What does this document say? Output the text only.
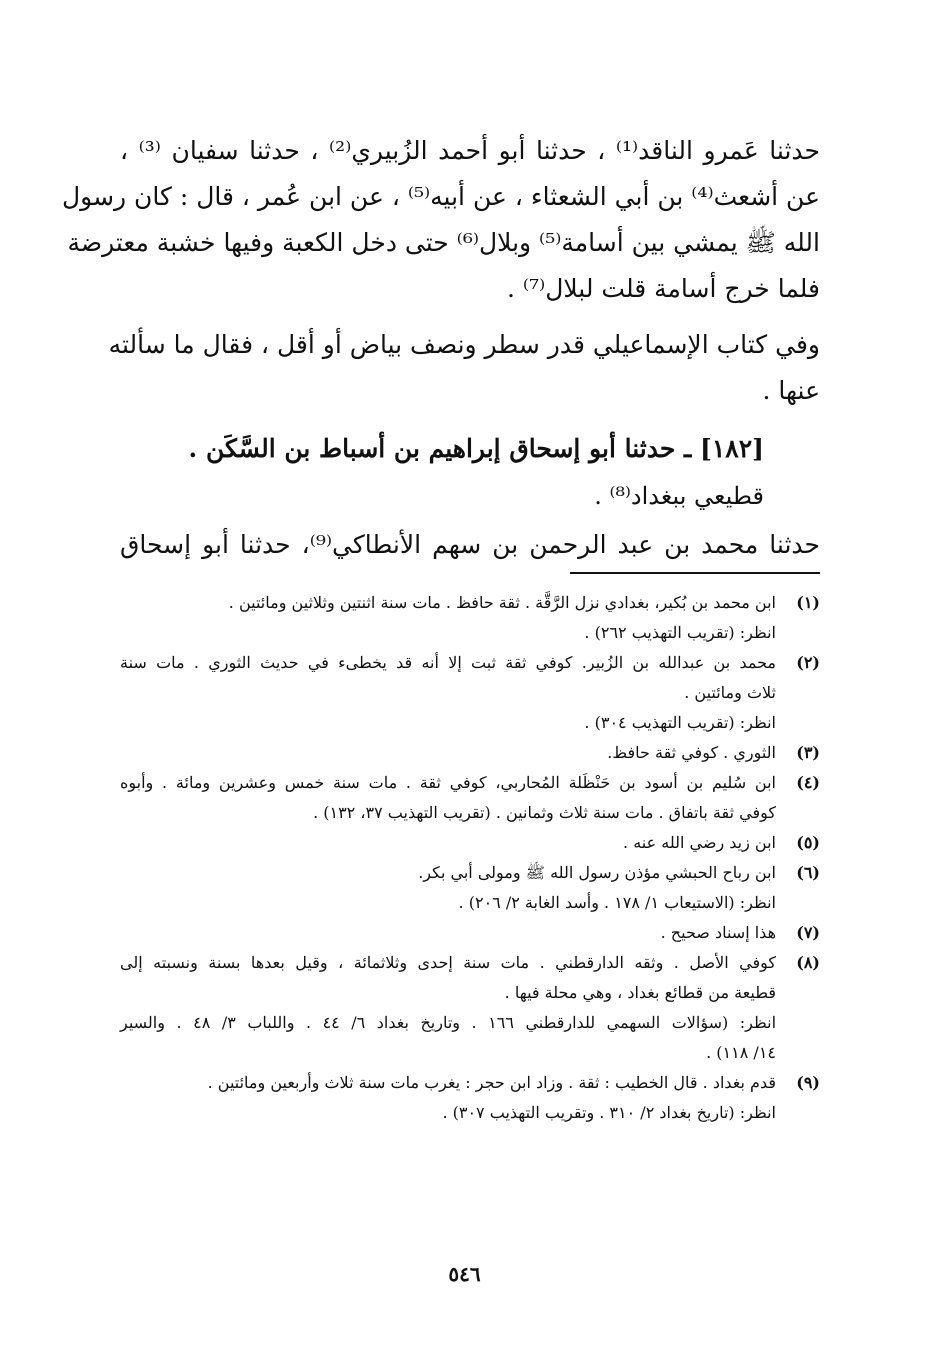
حدثنا عَمرو الناقد⁽¹⁾ ، حدثنا أبو أحمد الزُبيري⁽²⁾ ، حدثنا سفيان ⁽³⁾ ،
عن أشعث⁽⁴⁾ بن أبي الشعثاء ، عن أبيه⁽⁵⁾ ، عن ابن عُمر ، قال : كان رسول
الله ﷺ يمشي بين أسامة⁽⁵⁾ وبلال⁽⁶⁾ حتى دخل الكعبة وفيها خشبة معترضة
فلما خرج أسامة قلت لبلال⁽⁷⁾ .
وفي كتاب الإسماعيلي قدر سطر ونصف بياض أو أقل ، فقال ما سألته
عنها .
[١٨٢] ـ حدثنا أبو إسحاق إبراهيم بن أسباط بن السَّكَن .
قطيعي ببغداد⁽⁸⁾ .
حدثنا محمد بن عبد الرحمن بن سهم الأنطاكي⁽⁹⁾، حدثنا أبو إسحاق
(١)
ابن محمد بن بُكير، بغدادي نزل الرَّقَّة . ثقة حافظ . مات سنة اثنتين وثلاثين ومائتين .
انظر: (تقريب التهذيب ٢٦٢) .
(٢)
محمد بن عبدالله بن الزُبير. كوفي ثقة ثبت إلا أنه قد يخطىء في حديث الثوري . مات سنة
ثلاث ومائتين .
انظر: (تقريب التهذيب ٣٠٤) .
(٣)
الثوري . كوفي ثقة حافظ.
(٤)
ابن سُليم بن أسود بن حَنْظَلة المُحاربي، كوفي ثقة . مات سنة خمس وعشرين ومائة . وأبوه
كوفي ثقة باتفاق . مات سنة ثلاث وثمانين . (تقريب التهذيب ٣٧، ١٣٢) .
(٥)
ابن زيد رضي الله عنه .
(٦)
ابن رباح الحبشي مؤذن رسول الله ﷺ ومولى أبي بكر.
انظر: (الاستيعاب ١/ ١٧٨ . وأسد الغابة ٢/ ٢٠٦) .
(٧)
هذا إسناد صحيح .
(٨)
كوفي الأصل . وثقه الدارقطني . مات سنة إحدى وثلاثمائة ، وقيل بعدها بسنة ونسبته إلى
قطيعة من قطائع بغداد ، وهي محلة فيها .
انظر: (سؤالات السهمي للدارقطني ١٦٦ . وتاريخ بغداد ٦/ ٤٤ . واللباب ٣/ ٤٨ . والسير
١٤/ ١١٨) .
(٩)
قدم بغداد . قال الخطيب : ثقة . وزاد ابن حجر : يغرب مات سنة ثلاث وأربعين ومائتين .
انظر: (تاريخ بغداد ٢/ ٣١٠ . وتقريب التهذيب ٣٠٧) .
٥٤٦
